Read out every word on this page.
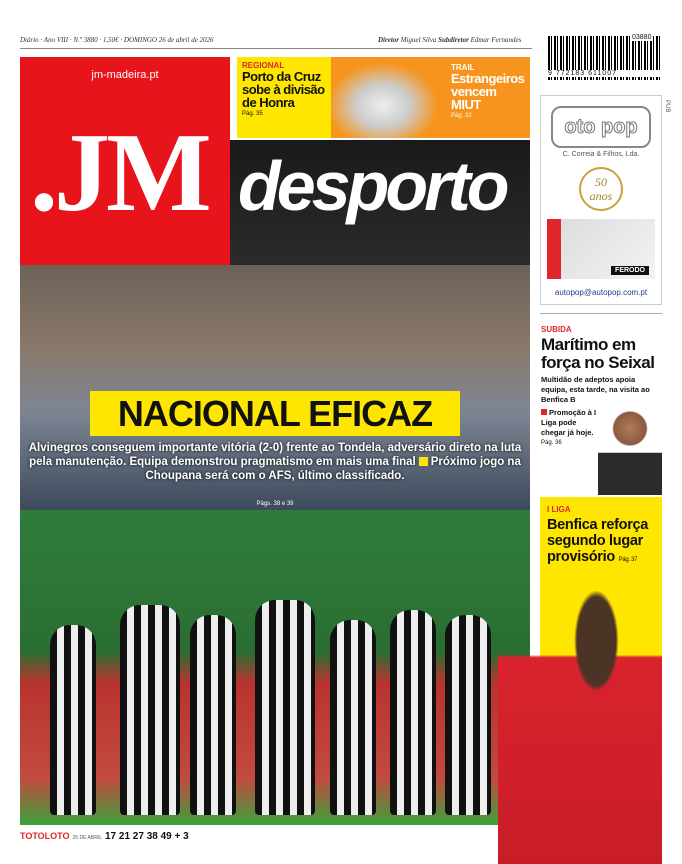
Diário · Ano VIII · N.º 3880 · 1,50€ · DOMINGO 26 de abril de 2026	Diretor Miguel Silva Subdiretor Edmar Fernandes
9 772183 611007
03880
jm-madeira.pt
.JM
REGIONAL
Porto da Cruz sobe à divisão de Honra
Pág. 35
TRAIL
Estrangeiros vencem MIUT
Pág. 32
desporto
NACIONAL EFICAZ
Alvinegros conseguem importante vitória (2-0) frente ao Tondela, adversário direto na luta pela manutenção. Equipa demonstrou pragmatismo em mais uma final Próximo jogo na Choupana será com o AFS, último classificado.
Págs. 38 e 39
oto pop
C. Correia & Filhos, Lda.
50 anos
FERODO
autopop@autopop.com.pt
PUB
SUBIDA
Marítimo em força no Seixal
Multidão de adeptos apoia equipa, esta tarde, na visita ao Benfica B
Promoção à I Liga pode chegar já hoje.
Pág. 36
I LIGA
Benfica reforça segundo lugar provisório Pág. 37
TOTOLOTO 25 DE ABRIL 17 21 27 38 49 + 3
